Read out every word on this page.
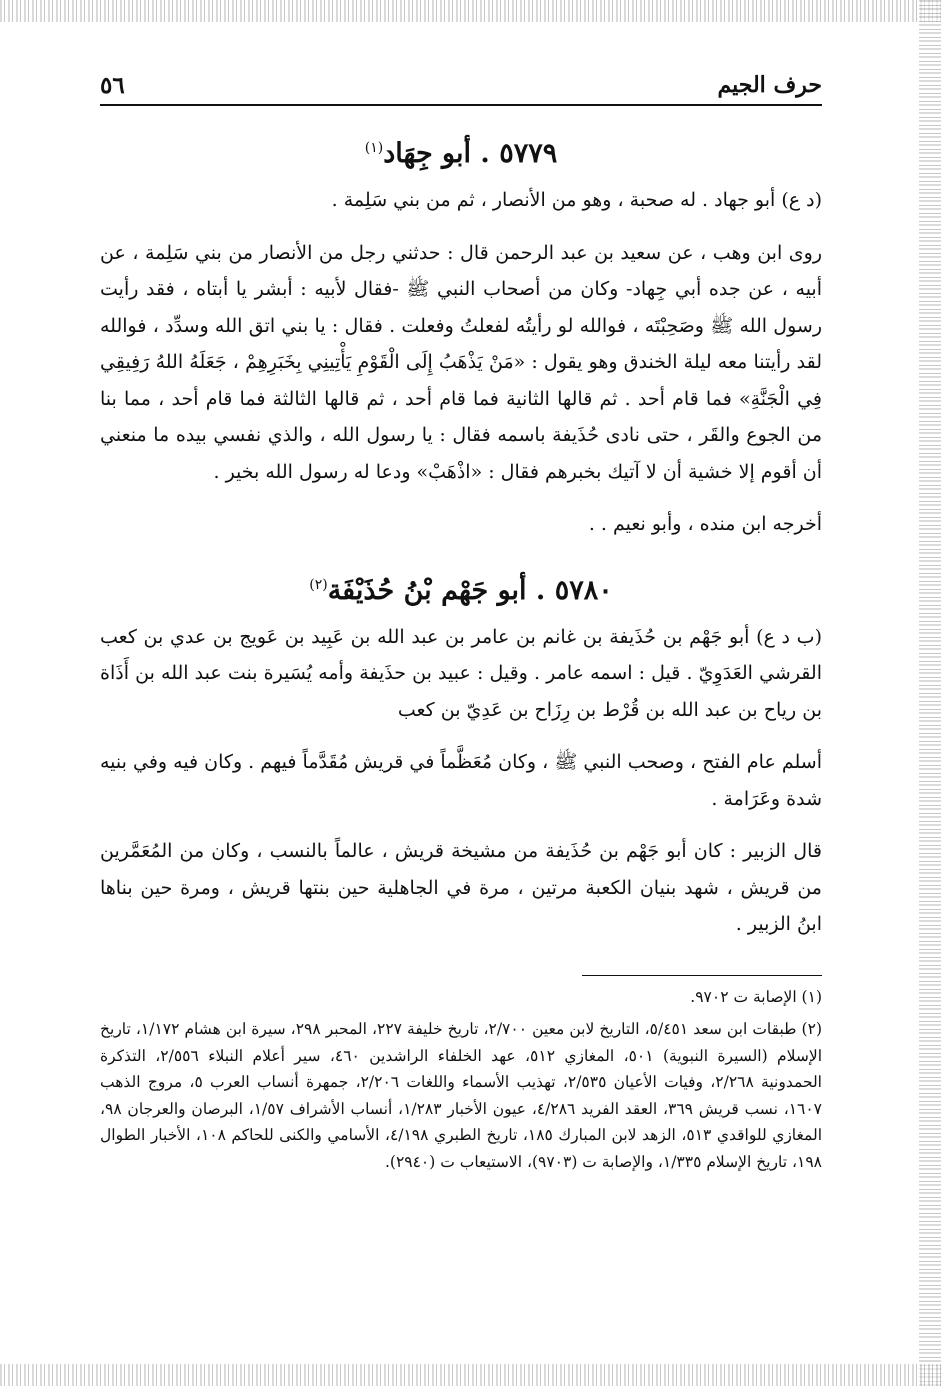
حرف الجيم
٥٦
٥٧٧٩ . أبو جِهَاد$^{(١)}$

(د ع) أبو جهاد . له صحبة ، وهو من الأنصار ، ثم من بني سَلِمة .

روى ابن وهب ، عن سعيد بن عبد الرحمن قال : حدثني رجل من الأنصار من بني سَلِمة ، عن أبيه ، عن جده أبي جِهاد- وكان من أصحاب النبي ﷺ -فقال لأبيه : أبشر يا أبتاه ، فقد رأيت رسول الله ﷺ وصَحِبْتَه ، فوالله لو رأيتُه لفعلتُ وفعلت . فقال : يا بني اتق الله وسدِّد ، فوالله لقد رأيتنا معه ليلة الخندق وهو يقول : «مَنْ يَذْهَبُ إِلَى الْقَوْمِ يَأْتِينِي بِخَبَرِهِمْ ، جَعَلَهُ اللهُ رَفِيقِي فِي الْجَنَّةِ» فما قام أحد . ثم قالها الثانية فما قام أحد ، ثم قالها الثالثة فما قام أحد ، مما بنا من الجوع والقَر ، حتى نادى حُذَيفة باسمه فقال : يا رسول الله ، والذي نفسي بيده ما منعني أن أقوم إلا خشية أن لا آتيك بخبرهم فقال : «اذْهَبْ» ودعا له رسول الله بخير .

أخرجه ابن منده ، وأبو نعيم . .

٥٧٨٠ . أبو جَهْم بْنُ حُذَيْفَة$^{(٢)}$

(ب د ع) أبو جَهْم بن حُذَيفة بن غانم بن عامر بن عبد الله بن عَبِيد بن عَويج بن عدي بن كعب القرشي العَدَوِيّ . قيل : اسمه عامر . وقيل : عبيد بن حذَيفة وأمه يُسَيرة بنت عبد الله بن أَذَاة بن رياح بن عبد الله بن قُرْط بن رِزَاح بن عَدِيّ بن كعب

أسلم عام الفتح ، وصحب النبي ﷺ ، وكان مُعَظَّماً في قريش مُقَدَّماً فيهم . وكان فيه وفي بنيه شدة وعَرَامة .

قال الزبير : كان أبو جَهْم بن حُذَيفة من مشيخة قريش ، عالماً بالنسب ، وكان من المُعَمَّرين من قريش ، شهد بنيان الكعبة مرتين ، مرة في الجاهلية حين بنتها قريش ، ومرة حين بناها ابنُ الزبير .

(١) الإصابة ت ٩٧٠٢.

(٢) طبقات ابن سعد ٥/٤٥١، التاريخ لابن معين ٢/٧٠٠، تاريخ خليفة ٢٢٧، المحبر ٢٩٨، سيرة ابن هشام ١/١٧٢، تاريخ الإسلام (السيرة النبوية) ٥٠١، المغازي ٥١٢، عهد الخلفاء الراشدين ٤٦٠، سير أعلام النبلاء ٢/٥٥٦، التذكرة الحمدونية ٢/٢٦٨، وفيات الأعيان ٢/٥٣٥، تهذيب الأسماء واللغات ٢/٢٠٦، جمهرة أنساب العرب ٥، مروج الذهب ١٦٠٧، نسب قريش ٣٦٩، العقد الفريد ٤/٢٨٦، عيون الأخبار ١/٢٨٣، أنساب الأشراف ١/٥٧، البرصان والعرجان ٩٨، المغازي للواقدي ٥١٣، الزهد لابن المبارك ١٨٥، تاريخ الطبري ٤/١٩٨، الأسامي والكنى للحاكم ١٠٨، الأخبار الطوال ١٩٨، تاريخ الإسلام ١/٣٣٥، والإصابة ت (٩٧٠٣)، الاستيعاب ت (٢٩٤٠).
